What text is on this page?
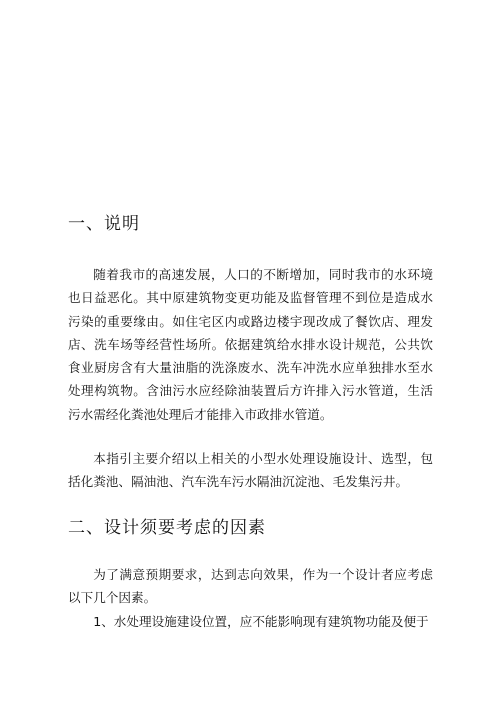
一、说明

随着我市的高速发展，人口的不断增加，同时我市的水环境也日益恶化。其中原建筑物变更功能及监督管理不到位是造成水污染的重要缘由。如住宅区内或路边楼宇现改成了餐饮店、理发店、洗车场等经营性场所。依据建筑给水排水设计规范，公共饮食业厨房含有大量油脂的洗涤废水、洗车冲洗水应单独排水至水处理构筑物。含油污水应经除油装置后方许排入污水管道，生活污水需经化粪池处理后才能排入市政排水管道。

本指引主要介绍以上相关的小型水处理设施设计、选型，包括化粪池、隔油池、汽车洗车污水隔油沉淀池、毛发集污井。

二、设计须要考虑的因素

为了满意预期要求，达到志向效果，作为一个设计者应考虑以下几个因素。

1、水处理设施建设位置，应不能影响现有建筑物功能及便于
